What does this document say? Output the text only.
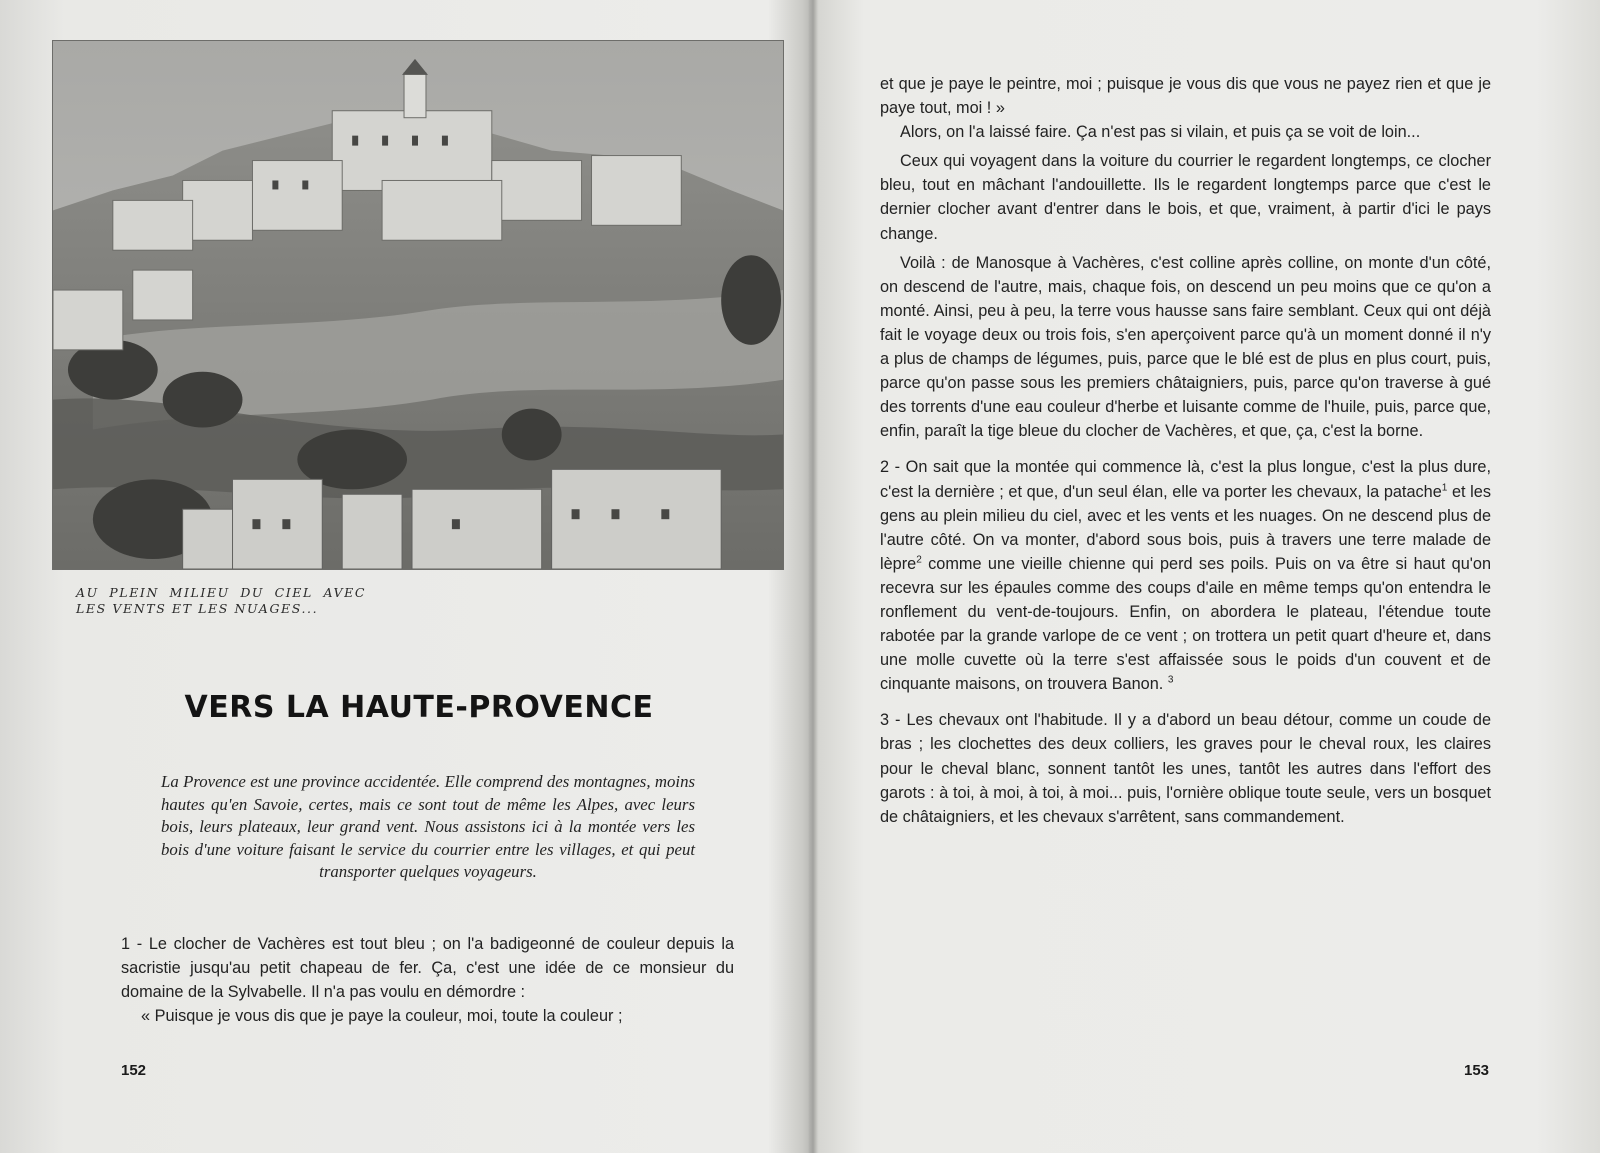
AU PLEIN MILIEU DU CIEL AVEC LES VENTS ET LES NUAGES...
VERS LA HAUTE-PROVENCE

La Provence est une province accidentée. Elle comprend des montagnes, moins hautes qu'en Savoie, certes, mais ce sont tout de même les Alpes, avec leurs bois, leurs plateaux, leur grand vent. Nous assistons ici à la montée vers les bois d'une voiture faisant le service du courrier entre les villages, et qui peut transporter quelques voyageurs.

1 - Le clocher de Vachères est tout bleu ; on l'a badigeonné de couleur depuis la sacristie jusqu'au petit chapeau de fer. Ça, c'est une idée de ce monsieur du domaine de la Sylvabelle. Il n'a pas voulu en démordre :

« Puisque je vous dis que je paye la couleur, moi, toute la couleur ;

152

et que je paye le peintre, moi ; puisque je vous dis que vous ne payez rien et que je paye tout, moi ! »

Alors, on l'a laissé faire. Ça n'est pas si vilain, et puis ça se voit de loin...

Ceux qui voyagent dans la voiture du courrier le regardent longtemps, ce clocher bleu, tout en mâchant l'andouillette. Ils le regardent longtemps parce que c'est le dernier clocher avant d'entrer dans le bois, et que, vraiment, à partir d'ici le pays change.

Voilà : de Manosque à Vachères, c'est colline après colline, on monte d'un côté, on descend de l'autre, mais, chaque fois, on descend un peu moins que ce qu'on a monté. Ainsi, peu à peu, la terre vous hausse sans faire semblant. Ceux qui ont déjà fait le voyage deux ou trois fois, s'en aperçoivent parce qu'à un moment donné il n'y a plus de champs de légumes, puis, parce que le blé est de plus en plus court, puis, parce qu'on passe sous les premiers châtaigniers, puis, parce qu'on traverse à gué des torrents d'une eau couleur d'herbe et luisante comme de l'huile, puis, parce que, enfin, paraît la tige bleue du clocher de Vachères, et que, ça, c'est la borne.

2 - On sait que la montée qui commence là, c'est la plus longue, c'est la plus dure, c'est la dernière ; et que, d'un seul élan, elle va porter les chevaux, la patache$^1$ et les gens au plein milieu du ciel, avec et les vents et les nuages. On ne descend plus de l'autre côté. On va monter, d'abord sous bois, puis à travers une terre malade de lèpre$^2$ comme une vieille chienne qui perd ses poils. Puis on va être si haut qu'on recevra sur les épaules comme des coups d'aile en même temps qu'on entendra le ronflement du vent-de-toujours. Enfin, on abordera le plateau, l'étendue toute rabotée par la grande varlope de ce vent ; on trottera un petit quart d'heure et, dans une molle cuvette où la terre s'est affaissée sous le poids d'un couvent et de cinquante maisons, on trouvera Banon. $^3$

3 - Les chevaux ont l'habitude. Il y a d'abord un beau détour, comme un coude de bras ; les clochettes des deux colliers, les graves pour le cheval roux, les claires pour le cheval blanc, sonnent tantôt les unes, tantôt les autres dans l'effort des garots : à toi, à moi, à toi, à moi... puis, l'ornière oblique toute seule, vers un bosquet de châtaigniers, et les chevaux s'arrêtent, sans commandement.

153
